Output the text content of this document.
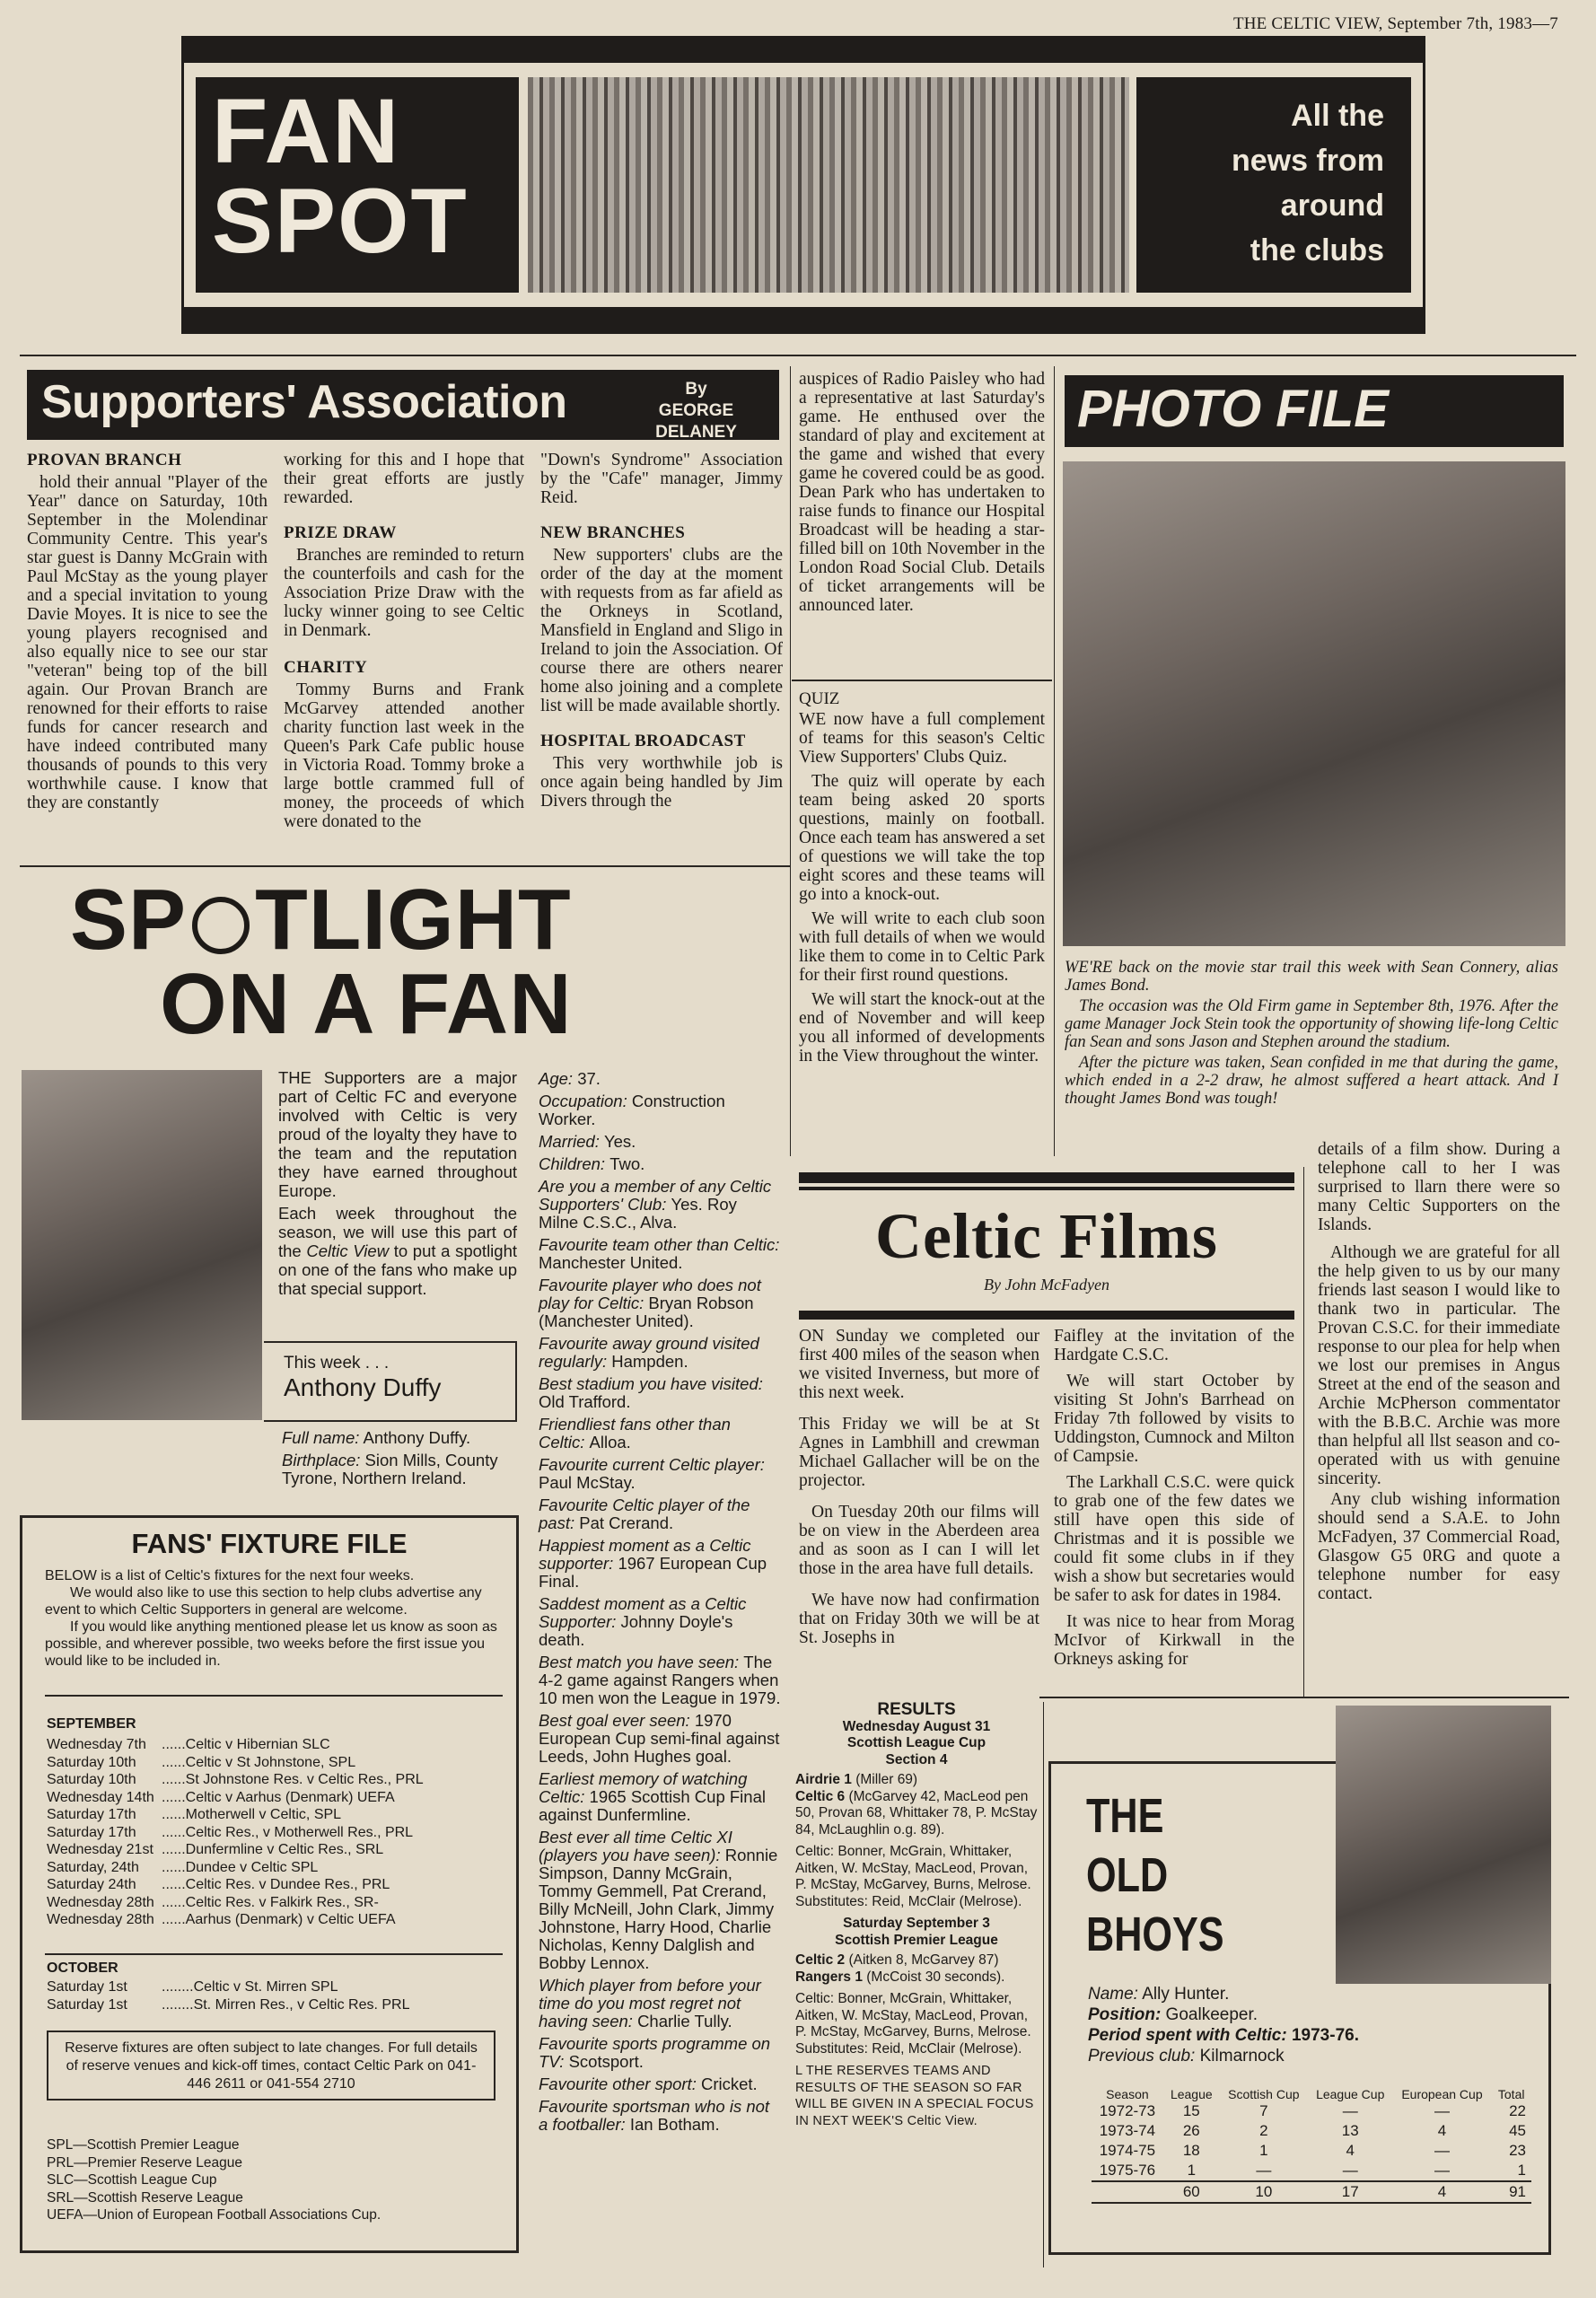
THE CELTIC VIEW, September 7th, 1983—7
FAN
SPOT
All the
news from
around
the clubs
Supporters' Association	By
GEORGE DELANEY
PROVAN BRANCH

hold their annual "Player of the Year" dance on Saturday, 10th September in the Molendinar Community Centre. This year's star guest is Danny McGrain with Paul McStay as the young player and a special invitation to young Davie Moyes. It is nice to see the young players recognised and also equally nice to see our star "veteran" being top of the bill again. Our Provan Branch are renowned for their efforts to raise funds for cancer research and have indeed contributed many thousands of pounds to this very worthwhile cause. I know that they are constantly

working for this and I hope that their great efforts are justly rewarded.

PRIZE DRAW

Branches are reminded to return the counterfoils and cash for the Association Prize Draw with the lucky winner going to see Celtic in Denmark.

CHARITY

Tommy Burns and Frank McGarvey attended another charity function last week in the Queen's Park Cafe public house in Victoria Road. Tommy broke a large bottle crammed full of money, the proceeds of which were donated to the

"Down's Syndrome" Association by the "Cafe" manager, Jimmy Reid.

NEW BRANCHES

New supporters' clubs are the order of the day at the moment with requests from as far afield as the Orkneys in Scotland, Mansfield in England and Sligo in Ireland to join the Association. Of course there are others nearer home also joining and a complete list will be made available shortly.

HOSPITAL BROADCAST

This very worthwhile job is once again being handled by Jim Divers through the

auspices of Radio Paisley who had a representative at last Saturday's game. He enthused over the standard of play and excitement at the game and wished that every game he covered could be as good. Dean Park who has undertaken to raise funds to finance our Hospital Broadcast will be heading a star-filled bill on 10th November in the London Road Social Club. Details of ticket arrangements will be announced later.

QUIZ

WE now have a full complement of teams for this season's Celtic View Supporters' Clubs Quiz.

The quiz will operate by each team being asked 20 sports questions, mainly on football. Once each team has answered a set of questions we will take the top eight scores and these teams will go into a knock-out.

We will write to each club soon with full details of when we would like them to come in to Celtic Park for their first round questions.

We will start the knock-out at the end of November and will keep you all informed of developments in the View throughout the winter.

PHOTO FILE
WE'RE back on the movie star trail this week with Sean Connery, alias James Bond.
The occasion was the Old Firm game in September 8th, 1976. After the game Manager Jock Stein took the opportunity of showing life-long Celtic fan Sean and sons Jason and Stephen around the stadium.
After the picture was taken, Sean confided in me that during the game, which ended in a 2-2 draw, he almost suffered a heart attack. And I thought James Bond was tough!
SP TLIGHT
ON A FAN
THE Supporters are a major part of Celtic FC and everyone involved with Celtic is very proud of the loyalty they have to the team and the reputation they have earned throughout Europe.
Each week throughout the season, we will use this part of the Celtic View to put a spotlight on one of the fans who make up that special support.
This week . . .
Anthony Duffy
Full name: Anthony Duffy.
Birthplace: Sion Mills, County Tyrone, Northern Ireland.
Age: 37.
Occupation: Construction Worker.
Married: Yes.
Children: Two.
Are you a member of any Celtic Supporters' Club: Yes. Roy Milne C.S.C., Alva.
Favourite team other than Celtic: Manchester United.
Favourite player who does not play for Celtic: Bryan Robson (Manchester United).
Favourite away ground visited regularly: Hampden.
Best stadium you have visited: Old Trafford.
Friendliest fans other than Celtic: Alloa.
Favourite current Celtic player: Paul McStay.
Favourite Celtic player of the past: Pat Crerand.
Happiest moment as a Celtic supporter: 1967 European Cup Final.
Saddest moment as a Celtic Supporter: Johnny Doyle's death.
Best match you have seen: The 4-2 game against Rangers when 10 men won the League in 1979.
Best goal ever seen: 1970 European Cup semi-final against Leeds, John Hughes goal.
Earliest memory of watching Celtic: 1965 Scottish Cup Final against Dunfermline.
Best ever all time Celtic XI (players you have seen): Ronnie Simpson, Danny McGrain, Tommy Gemmell, Pat Crerand, Billy McNeill, John Clark, Jimmy Johnstone, Harry Hood, Charlie Nicholas, Kenny Dalglish and Bobby Lennox.
Which player from before your time do you most regret not having seen: Charlie Tully.
Favourite sports programme on TV: Scotsport.
Favourite other sport: Cricket.
Favourite sportsman who is not a footballer: Ian Botham.
FANS' FIXTURE FILE
BELOW is a list of Celtic's fixtures for the next four weeks.
We would also like to use this section to help clubs advertise any event to which Celtic Supporters in general are welcome.
If you would like anything mentioned please let us know as soon as possible, and wherever possible, two weeks before the first issue you would like to be included in.
SEPTEMBER
Wednesday 7th	......Celtic v Hibernian SLC
Saturday 10th	......Celtic v St Johnstone, SPL
Saturday 10th	......St Johnstone Res. v Celtic Res., PRL
Wednesday 14th ......Celtic v Aarhus (Denmark) UEFA
Saturday 17th	......Motherwell v Celtic, SPL
Saturday 17th	......Celtic Res., v Motherwell Res., PRL
Wednesday 21st ......Dunfermline v Celtic Res., SRL
Saturday, 24th	......Dundee v Celtic SPL
Saturday 24th	......Celtic Res. v Dundee Res., PRL
Wednesday 28th ......Celtic Res. v Falkirk Res., SR-
Wednesday 28th ......Aarhus (Denmark) v Celtic UEFA
OCTOBER
Saturday 1st	........Celtic v St. Mirren SPL
Saturday 1st	........St. Mirren Res., v Celtic Res. PRL
Reserve fixtures are often subject to late changes. For full details of reserve venues and kick-off times, contact Celtic Park on 041-446 2611 or 041-554 2710
SPL—Scottish Premier League
PRL—Premier Reserve League
SLC—Scottish League Cup
SRL—Scottish Reserve League
UEFA—Union of European Football Associations Cup.
Celtic Films
By John McFadyen

ON Sunday we completed our first 400 miles of the season when we visited Inverness, but more of this next week.

This Friday we will be at St Agnes in Lambhill and crewman Michael Gallacher will be on the projector.

On Tuesday 20th our films will be on view in the Aberdeen area and as soon as I can I will let those in the area have full details.

We have now had confirmation that on Friday 30th we will be at St. Josephs in

Faifley at the invitation of the Hardgate C.S.C.

We will start October by visiting St John's Barrhead on Friday 7th followed by visits to Uddingston, Cumnock and Milton of Campsie.

The Larkhall C.S.C. were quick to grab one of the few dates we still have open this side of Christmas and it is possible we could fit some clubs in if they wish a show but secretaries would be safer to ask for dates in 1984.

It was nice to hear from Morag McIvor of Kirkwall in the Orkneys asking for

details of a film show. During a telephone call to her I was surprised to llarn there were so many Celtic Supporters on the Islands.

Although we are grateful for all the help given to us by our many friends last season I would like to thank two in particular. The Provan C.S.C. for their immediate response to our plea for help when we lost our premises in Angus Street at the end of the season and Archie McPherson commentator with the B.B.C. Archie was more than helpful all llst season and co-operated with us with genuine sincerity.

Any club wishing information should send a S.A.E. to John McFadyen, 37 Commercial Road, Glasgow G5 0RG and quote a telephone number for easy contact.

RESULTS
Wednesday August 31
Scottish League Cup
Section 4
Airdrie 1 (Miller 69)
Celtic 6 (McGarvey 42, MacLeod pen 50, Provan 68, Whittaker 78, P. McStay 84, McLaughlin o.g. 89).
Celtic: Bonner, McGrain, Whittaker, Aitken, W. McStay, MacLeod, Provan, P. McStay, McGarvey, Burns, Melrose. Substitutes: Reid, McClair (Melrose).
Saturday September 3
Scottish Premier League
Celtic 2 (Aitken 8, McGarvey 87)
Rangers 1 (McCoist 30 seconds).
Celtic: Bonner, McGrain, Whittaker, Aitken, W. McStay, MacLeod, Provan, P. McStay, McGarvey, Burns, Melrose. Substitutes: Reid, McClair (Melrose).
L THE RESERVES TEAMS AND RESULTS OF THE SEASON SO FAR WILL BE GIVEN IN A SPECIAL FOCUS IN NEXT WEEK'S Celtic View.
THE
OLD
BHOYS
Name: Ally Hunter.
Position: Goalkeeper.
Period spent with Celtic: 1973-76.
Previous club: Kilmarnock
Season	League	Scottish Cup	League Cup	European Cup	Total
1972-73	15	7	—	—	22
1973-74	26	2	13	4	45
1974-75	18	1	4	—	23
1975-76	1	—	—	—	1
	60	10	17	4	91
